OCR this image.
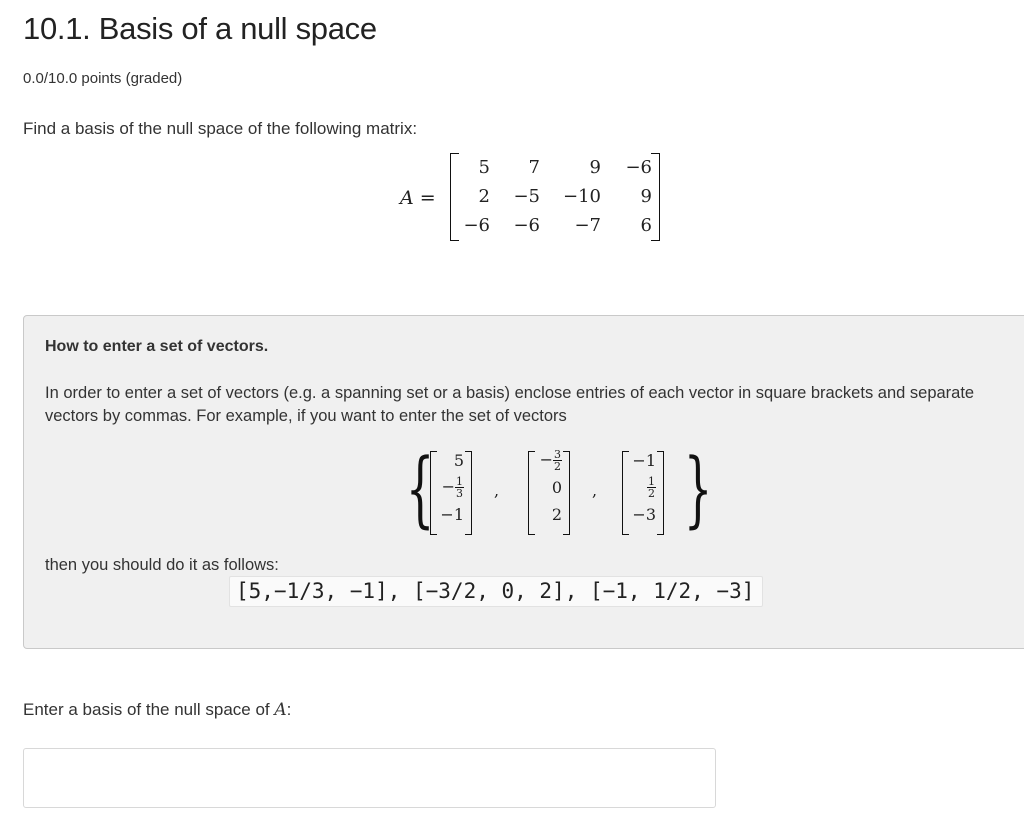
10.1. Basis of a null space
0.0/10.0 points (graded)
Find a basis of the null space of the following matrix:
A =
5	7	9	−6
2	−5	−10	9
−6	−6	−7	6
How to enter a set of vectors.
In order to enter a set of vectors (e.g. a spanning set or a basis) enclose entries of each vector in square brackets and separate vectors by commas. For example, if you want to enter the set of vectors
{	}
5
− $\frac{1}{3}$
−1
,
− $\frac{3}{2}$
0
2
,
−1
$\frac{1}{2}$
−3
then you should do it as follows:
[5,−1/3, −1], [−3/2, 0, 2], [−1, 1/2, −3]
Enter a basis of the null space of A:
